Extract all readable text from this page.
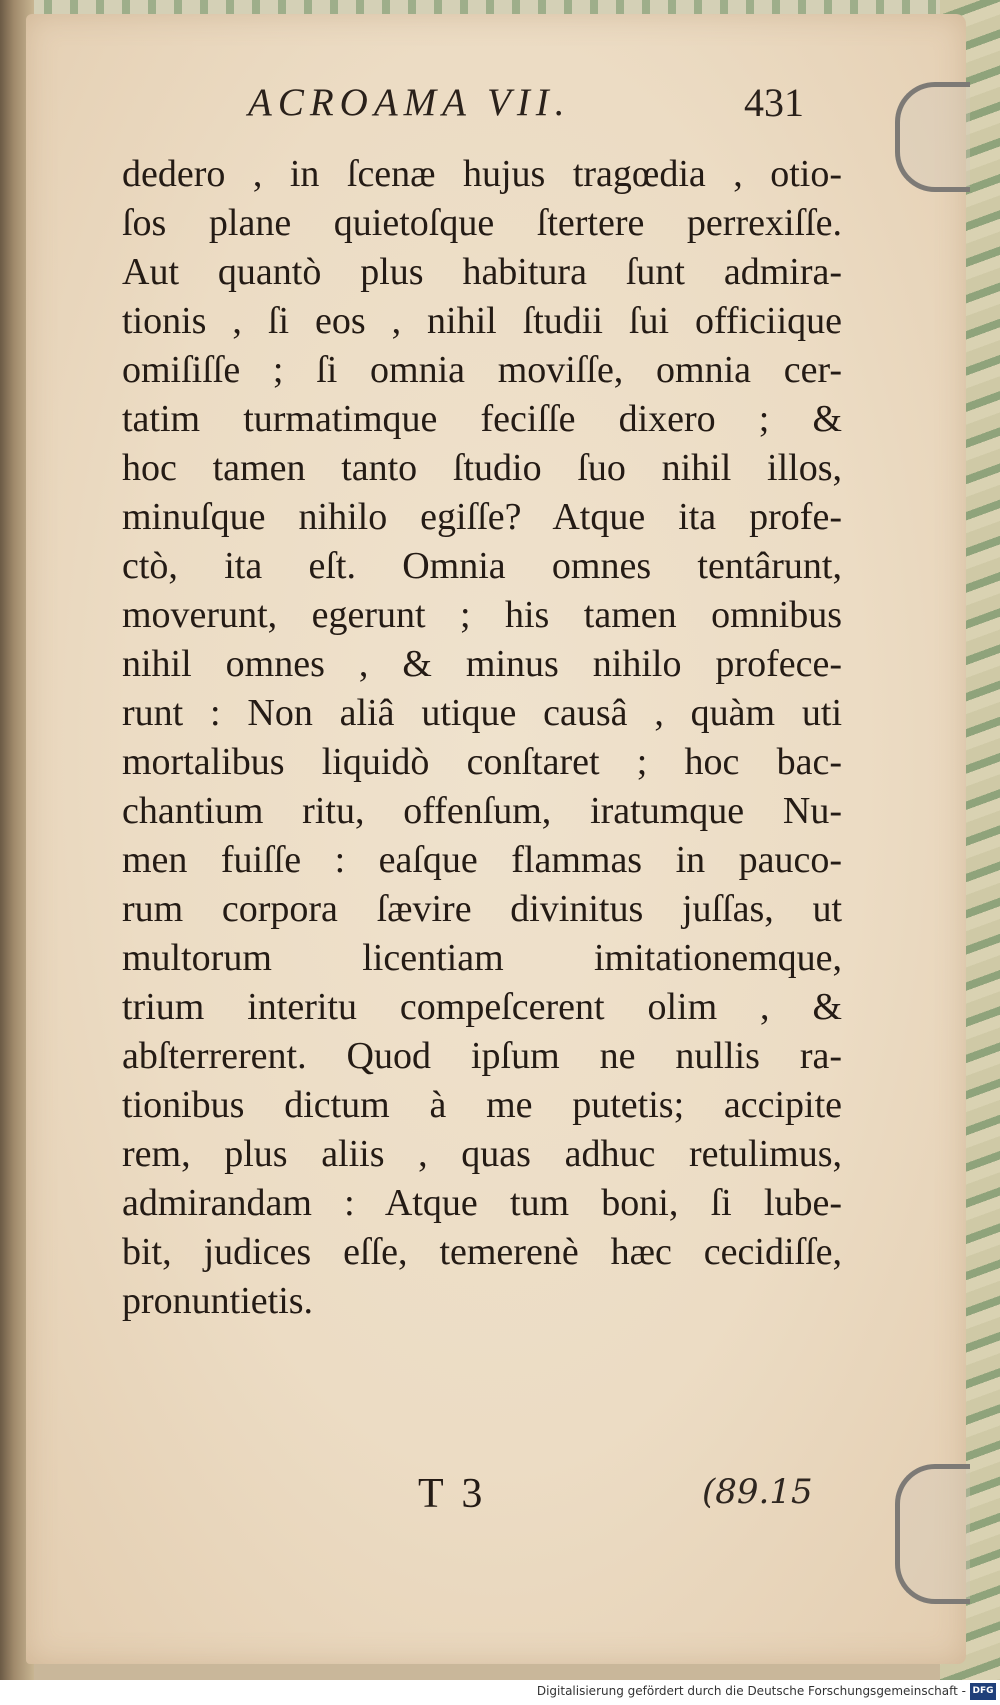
ACROAMA VII.	431
dedero , in ſcenæ hujus tragœdia , otio-
ſos plane quietoſque ſtertere perrexiſſe.
Aut quantò plus habitura ſunt admira-
tionis , ſi eos , nihil ſtudii ſui officiique
omiſiſſe ; ſi omnia moviſſe, omnia cer-
tatim turmatimque feciſſe dixero ; &
hoc tamen tanto ſtudio ſuo nihil illos,
minuſque nihilo egiſſe? Atque ita profe-
ctò, ita eſt. Omnia omnes tentârunt,
moverunt, egerunt ; his tamen omnibus
nihil omnes , & minus nihilo profece-
runt : Non aliâ utique causâ , quàm uti
mortalibus liquidò conſtaret ; hoc bac-
chantium ritu, offenſum, iratumque Nu-
men fuiſſe : eaſque flammas in pauco-
rum corpora ſævire divinitus juſſas, ut
multorum licentiam imitationemque,
trium interitu compeſcerent olim , &
abſterrerent. Quod ipſum ne nullis ra-
tionibus dictum à me putetis; accipite
rem, plus aliis , quas adhuc retulimus,
admirandam : Atque tum boni, ſi lubе-
bit, judices eſſe, temerenè hæc cecidiſſe,
pronuntietis.
T 3	(89.15
Digitalisierung gefördert durch die Deutsche Forschungsgemeinschaft - DFG
